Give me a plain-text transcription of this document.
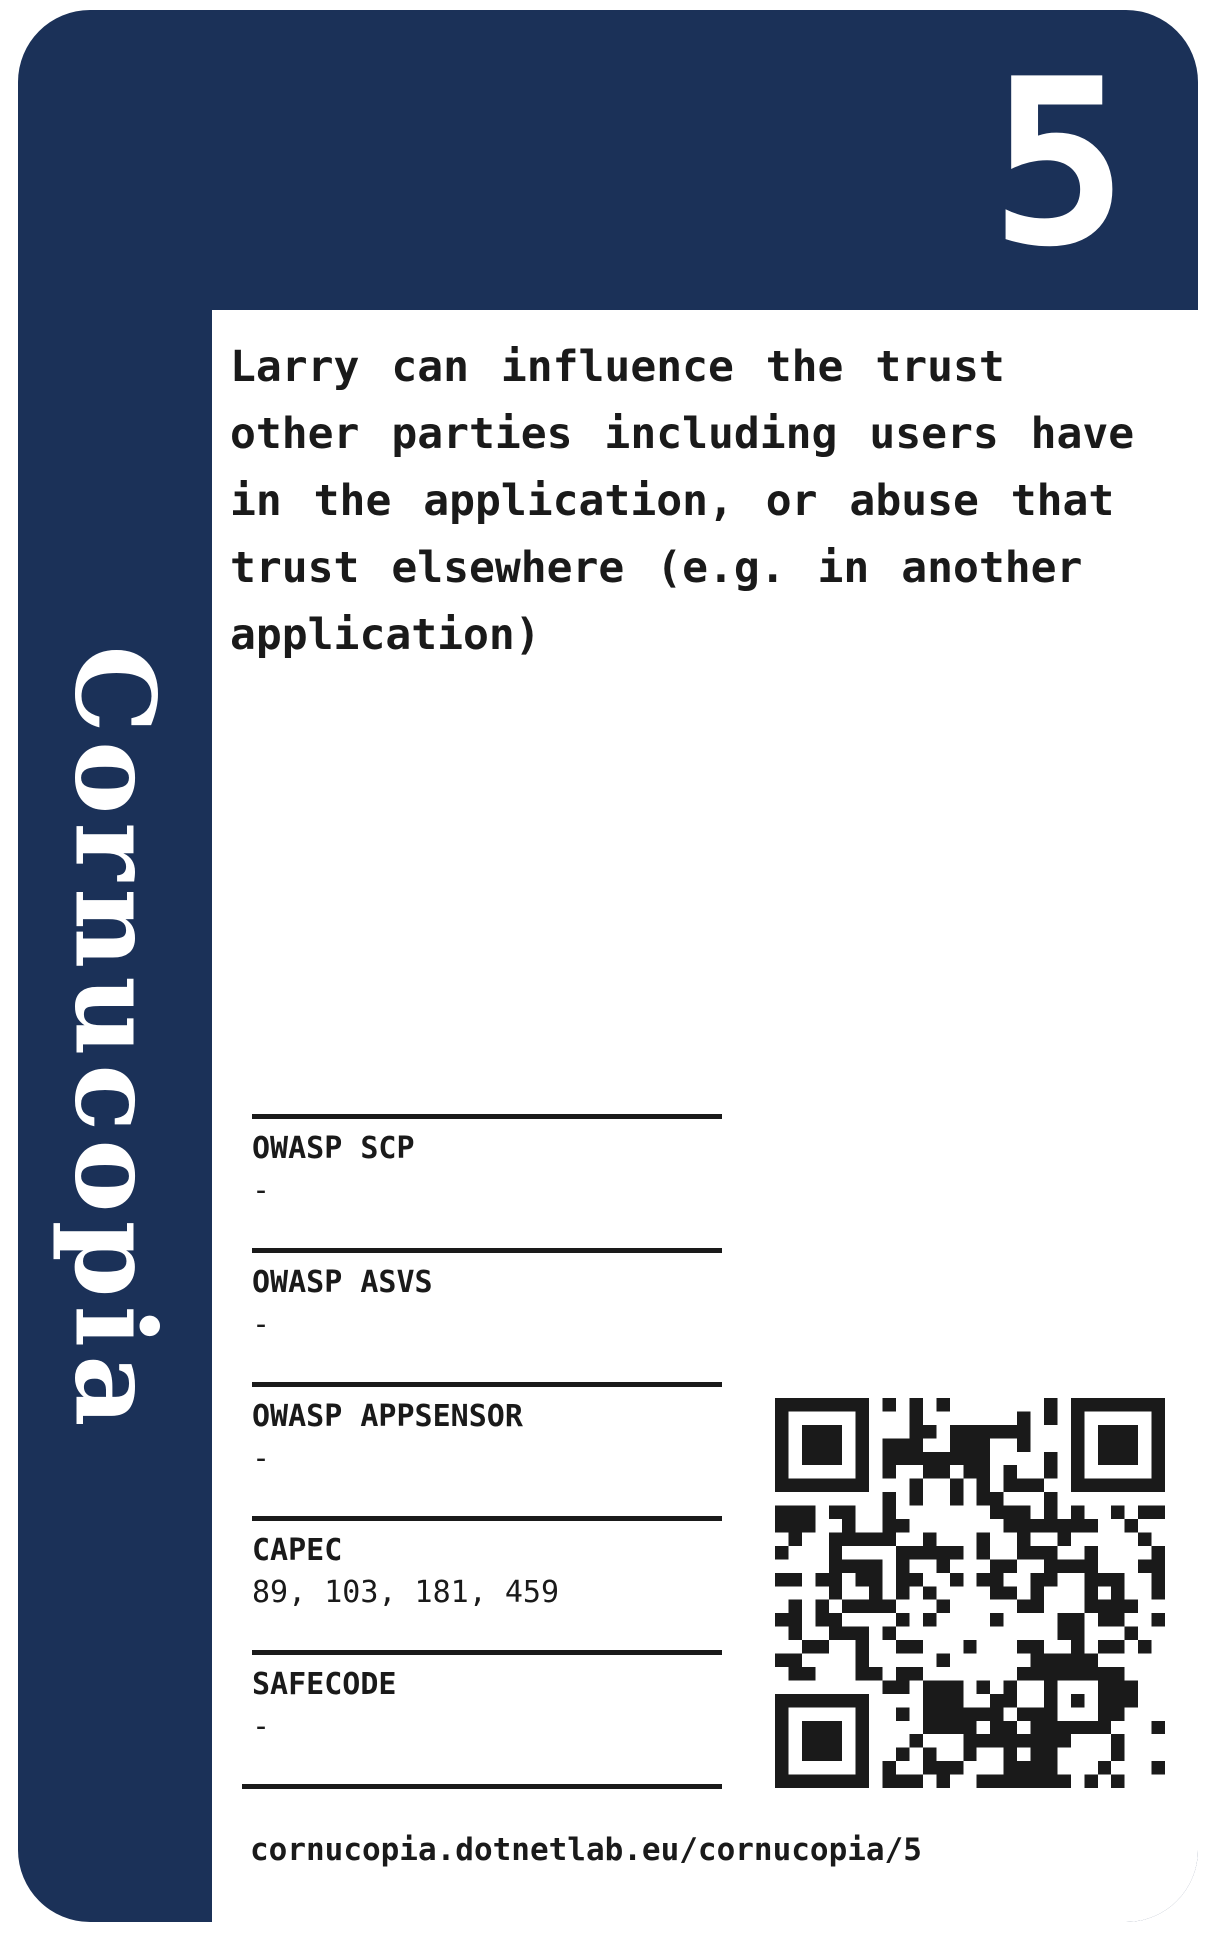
5
Cornucopia

Larry can influence the trust other parties including users have in the application, or abuse that trust elsewhere (e.g. in another application)

OWASP SCP
-
OWASP ASVS
-
OWASP APPSENSOR
-
CAPEC
89, 103, 181, 459
SAFECODE
-
cornucopia.dotnetlab.eu/cornucopia/5
